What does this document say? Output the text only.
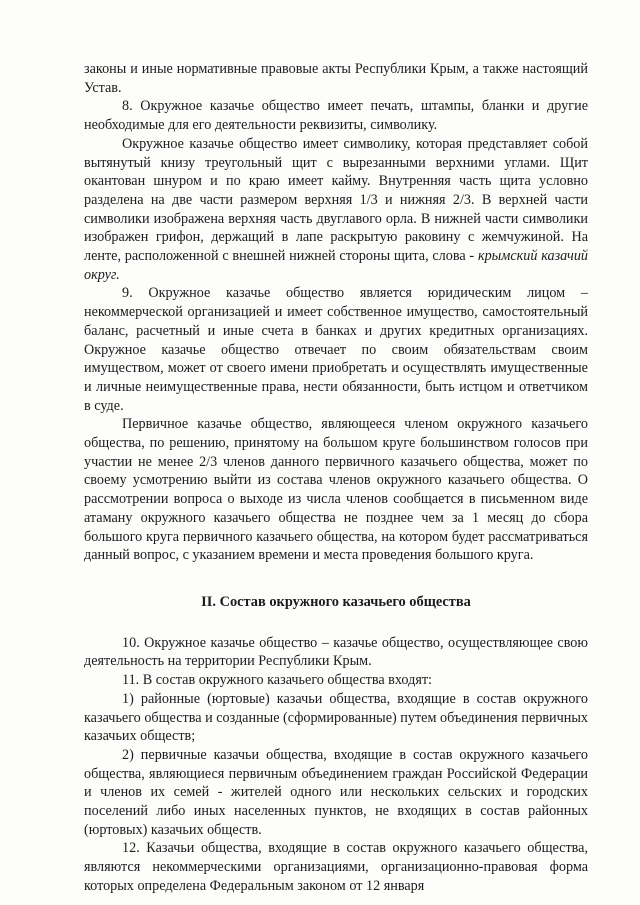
законы и иные нормативные правовые акты Республики Крым, а также настоящий Устав.

8. Окружное казачье общество имеет печать, штампы, бланки и другие необходимые для его деятельности реквизиты, символику.

Окружное казачье общество имеет символику, которая представляет собой вытянутый книзу треугольный щит с вырезанными верхними углами. Щит окантован шнуром и по краю имеет кайму. Внутренняя часть щита условно разделена на две части размером верхняя 1/3 и нижняя 2/3. В верхней части символики изображена верхняя часть двуглавого орла. В нижней части символики изображен грифон, держащий в лапе раскрытую раковину с жемчужиной. На ленте, расположенной с внешней нижней стороны щита, слова - крымский казачий округ.

9. Окружное казачье общество является юридическим лицом – некоммерческой организацией и имеет собственное имущество, самостоятельный баланс, расчетный и иные счета в банках и других кредитных организациях. Окружное казачье общество отвечает по своим обязательствам своим имуществом, может от своего имени приобретать и осуществлять имущественные и личные неимущественные права, нести обязанности, быть истцом и ответчиком в суде.

Первичное казачье общество, являющееся членом окружного казачьего общества, по решению, принятому на большом круге большинством голосов при участии не менее 2/3 членов данного первичного казачьего общества, может по своему усмотрению выйти из состава членов окружного казачьего общества. О рассмотрении вопроса о выходе из числа членов сообщается в письменном виде атаману окружного казачьего общества не позднее чем за 1 месяц до сбора большого круга первичного казачьего общества, на котором будет рассматриваться данный вопрос, с указанием времени и места проведения большого круга.

II. Состав окружного казачьего общества

10. Окружное казачье общество – казачье общество, осуществляющее свою деятельность на территории Республики Крым.

11. В состав окружного казачьего общества входят:

1) районные (юртовые) казачьи общества, входящие в состав окружного казачьего общества и созданные (сформированные) путем объединения первичных казачьих обществ;

2) первичные казачьи общества, входящие в состав окружного казачьего общества, являющиеся первичным объединением граждан Российской Федерации и членов их семей - жителей одного или нескольких сельских и городских поселений либо иных населенных пунктов, не входящих в состав районных (юртовых) казачьих обществ.

12. Казачьи общества, входящие в состав окружного казачьего общества, являются некоммерческими организациями, организационно-правовая форма которых определена Федеральным законом от 12 января
